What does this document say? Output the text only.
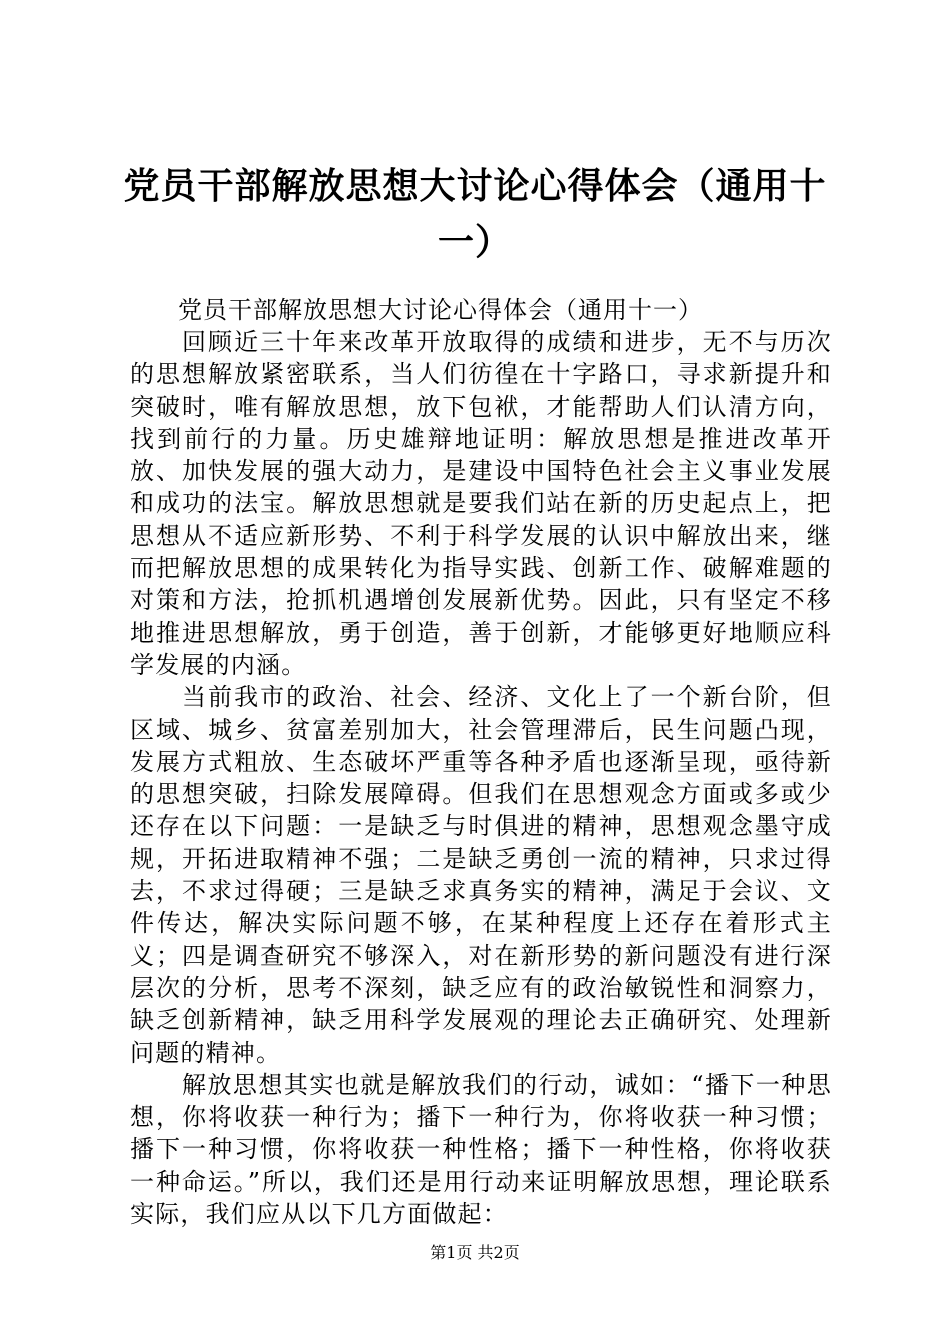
党员干部解放思想大讨论心得体会（通用十一）

党员干部解放思想大讨论心得体会（通用十一）

回顾近三十年来改革开放取得的成绩和进步，无不与历次的思想解放紧密联系，当人们彷徨在十字路口，寻求新提升和突破时，唯有解放思想，放下包袱，才能帮助人们认清方向，找到前行的力量。历史雄辩地证明：解放思想是推进改革开放、加快发展的强大动力，是建设中国特色社会主义事业发展和成功的法宝。解放思想就是要我们站在新的历史起点上，把思想从不适应新形势、不利于科学发展的认识中解放出来，继而把解放思想的成果转化为指导实践、创新工作、破解难题的对策和方法，抢抓机遇增创发展新优势。因此，只有坚定不移地推进思想解放，勇于创造，善于创新，才能够更好地顺应科学发展的内涵。

当前我市的政治、社会、经济、文化上了一个新台阶，但区域、城乡、贫富差别加大，社会管理滞后，民生问题凸现，发展方式粗放、生态破坏严重等各种矛盾也逐渐呈现，亟待新的思想突破，扫除发展障碍。但我们在思想观念方面或多或少还存在以下问题：一是缺乏与时俱进的精神，思想观念墨守成规，开拓进取精神不强；二是缺乏勇创一流的精神，只求过得去，不求过得硬；三是缺乏求真务实的精神，满足于会议、文件传达，解决实际问题不够，在某种程度上还存在着形式主义；四是调查研究不够深入，对在新形势的新问题没有进行深层次的分析，思考不深刻，缺乏应有的政治敏锐性和洞察力，缺乏创新精神，缺乏用科学发展观的理论去正确研究、处理新问题的精神。

解放思想其实也就是解放我们的行动，诚如：“播下一种思想，你将收获一种行为；播下一种行为，你将收获一种习惯；播下一种习惯，你将收获一种性格；播下一种性格，你将收获一种命运。”所以，我们还是用行动来证明解放思想，理论联系实际，我们应从以下几方面做起：

第1页 共2页
